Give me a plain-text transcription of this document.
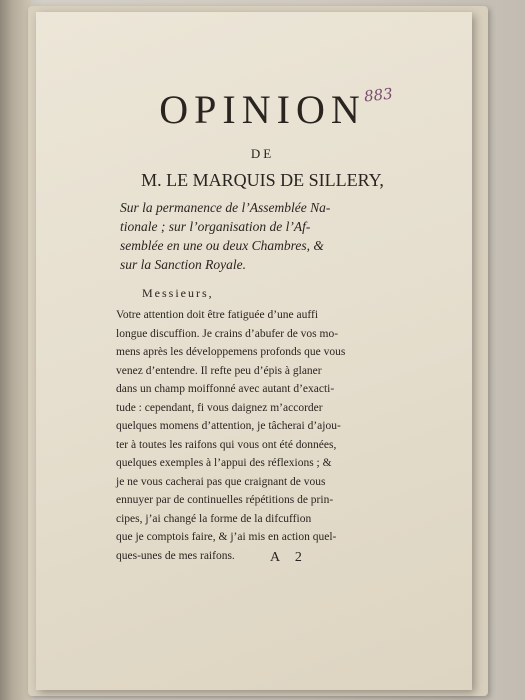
883
OPINION
DE
M. LE MARQUIS DE SILLERY,
Sur la permanence de l’Assemblée Na-
tionale ; sur l’organisation de l’Af-
semblée en une ou deux Chambres, &
sur la Sanction Royale.
Messieurs,
Votre attention doit être fatiguée d’une auffi
longue discuffion. Je crains d’abufer de vos mo-
mens après les développemens profonds que vous
venez d’entendre. Il refte peu d’épis à glaner
dans un champ moiffonné avec autant d’exacti-
tude : cependant, fi vous daignez m’accorder
quelques momens d’attention, je tâcherai d’ajou-
ter à toutes les raifons qui vous ont été données,
quelques exemples à l’appui des réflexions ; &
je ne vous cacherai pas que craignant de vous
ennuyer par de continuelles répétitions de prin-
cipes, j’ai changé la forme de la difcuffion
que je comptois faire, & j’ai mis en action quel-
ques-unes de mes raifons.	A 2
